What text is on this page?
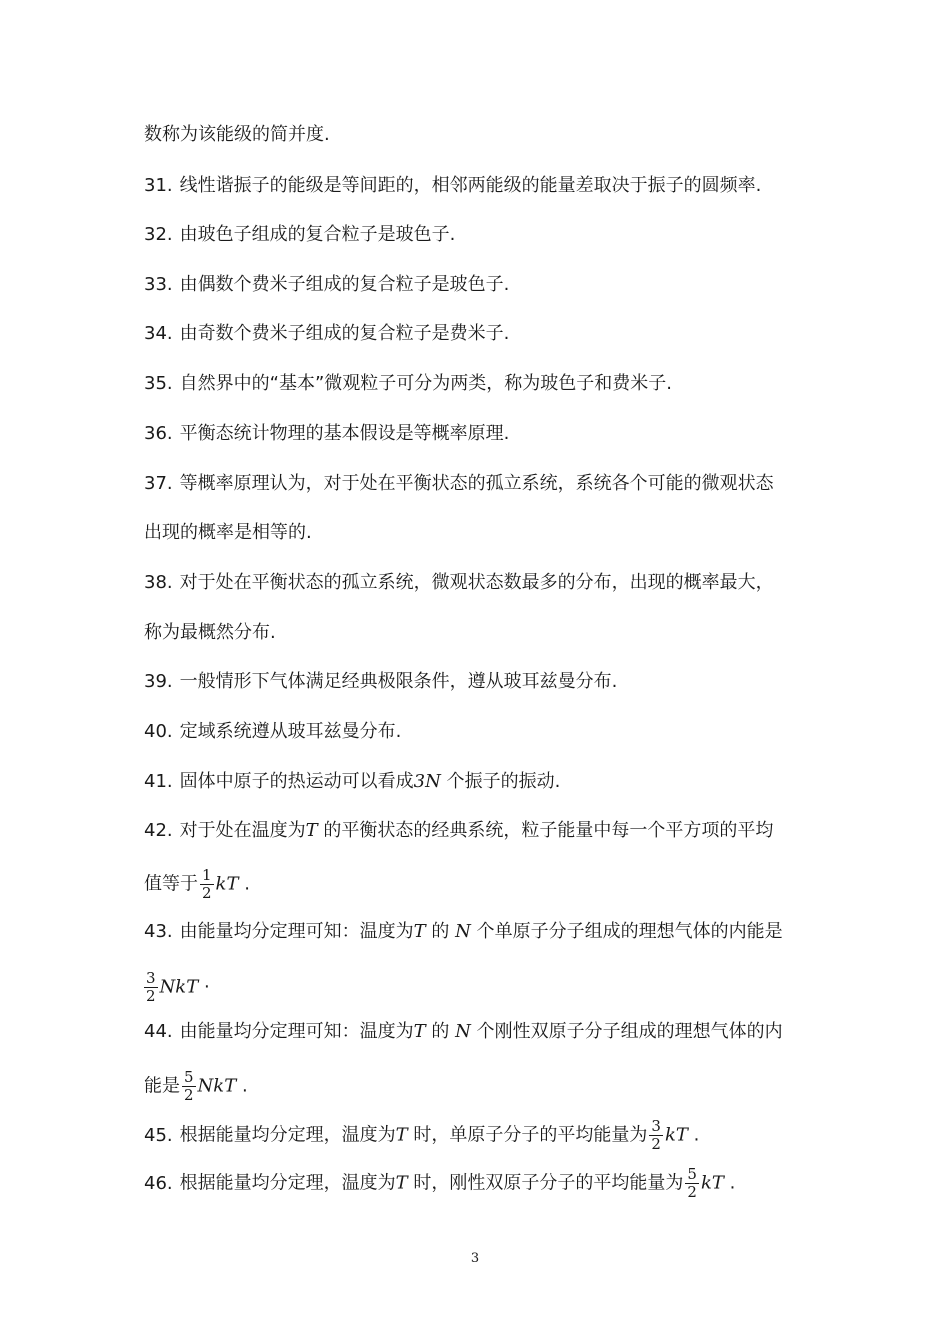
数称为该能级的简并度.
31. 线性谐振子的能级是等间距的，相邻两能级的能量差取决于振子的圆频率.
32. 由玻色子组成的复合粒子是玻色子.
33. 由偶数个费米子组成的复合粒子是玻色子.
34. 由奇数个费米子组成的复合粒子是费米子.
35. 自然界中的“基本”微观粒子可分为两类，称为玻色子和费米子.
36. 平衡态统计物理的基本假设是等概率原理.
37. 等概率原理认为，对于处在平衡状态的孤立系统，系统各个可能的微观状态
出现的概率是相等的.
38. 对于处在平衡状态的孤立系统，微观状态数最多的分布，出现的概率最大，
称为最概然分布.
39. 一般情形下气体满足经典极限条件，遵从玻耳兹曼分布.
40. 定域系统遵从玻耳兹曼分布.
41. 固体中原子的热运动可以看成3N 个振子的振动.
42. 对于处在温度为T 的平衡状态的经典系统，粒子能量中每一个平方项的平均
值等于 $\frac{1}{2}$ kT .
43. 由能量均分定理可知：温度为T 的 N 个单原子分子组成的理想气体的内能是
$\frac{3}{2}$ NkT ·
44. 由能量均分定理可知：温度为T 的 N 个刚性双原子分子组成的理想气体的内
能是 $\frac{5}{2}$ NkT .
45. 根据能量均分定理，温度为T 时，单原子分子的平均能量为 $\frac{3}{2}$ kT .
46. 根据能量均分定理，温度为T 时，刚性双原子分子的平均能量为 $\frac{5}{2}$ kT .
3
